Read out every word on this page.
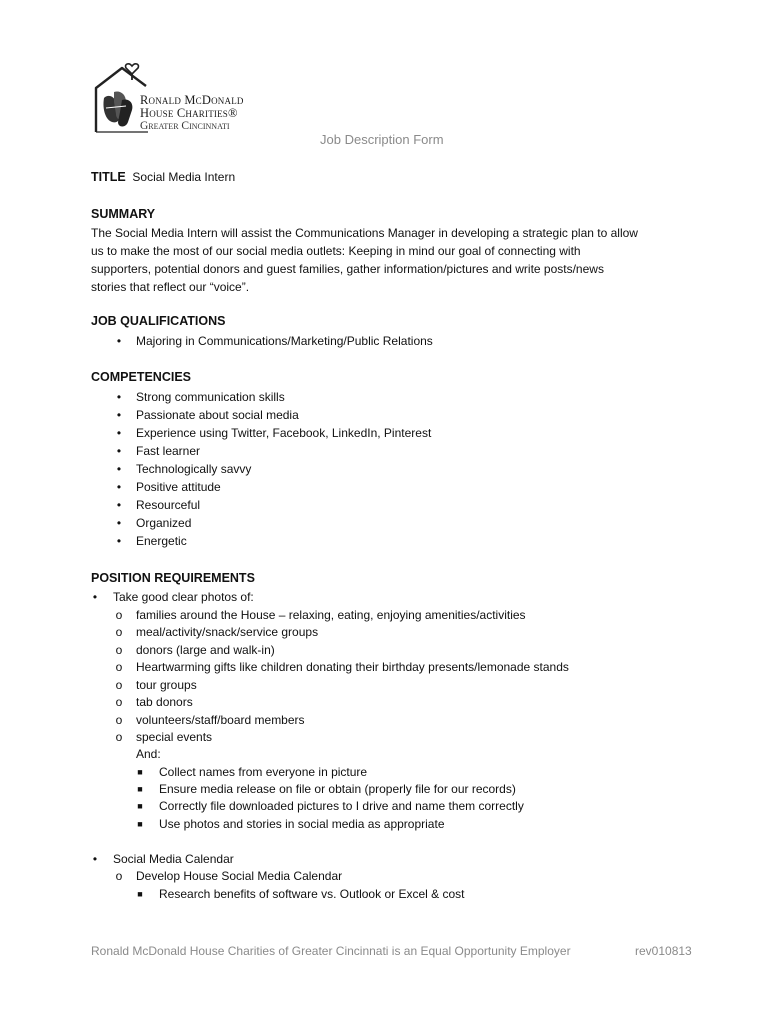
Ronald McDonald
House Charities®
Greater Cincinnati
Job Description Form
TITLE Social Media Intern
SUMMARY
The Social Media Intern will assist the Communications Manager in developing a strategic plan to allow
us to make the most of our social media outlets: Keeping in mind our goal of connecting with
supporters, potential donors and guest families, gather information/pictures and write posts/news
stories that reflect our “voice”.
JOB QUALIFICATIONS
•	Majoring in Communications/Marketing/Public Relations
COMPETENCIES
•	Strong communication skills
•	Passionate about social media
•	Experience using Twitter, Facebook, LinkedIn, Pinterest
•	Fast learner
•	Technologically savvy
•	Positive attitude
•	Resourceful
•	Organized
•	Energetic
POSITION REQUIREMENTS
•	Take good clear photos of:
o	families around the House – relaxing, eating, enjoying amenities/activities
o	meal/activity/snack/service groups
o	donors (large and walk-in)
o	Heartwarming gifts like children donating their birthday presents/lemonade stands
o	tour groups
o	tab donors
o	volunteers/staff/board members
o	special events
And:
■ Collect names from everyone in picture
■ Ensure media release on file or obtain (properly file for our records)
■ Correctly file downloaded pictures to I drive and name them correctly
■ Use photos and stories in social media as appropriate
•	Social Media Calendar
o	Develop House Social Media Calendar
■ Research benefits of software vs. Outlook or Excel & cost
Ronald McDonald House Charities of Greater Cincinnati is an Equal Opportunity Employer	rev010813
